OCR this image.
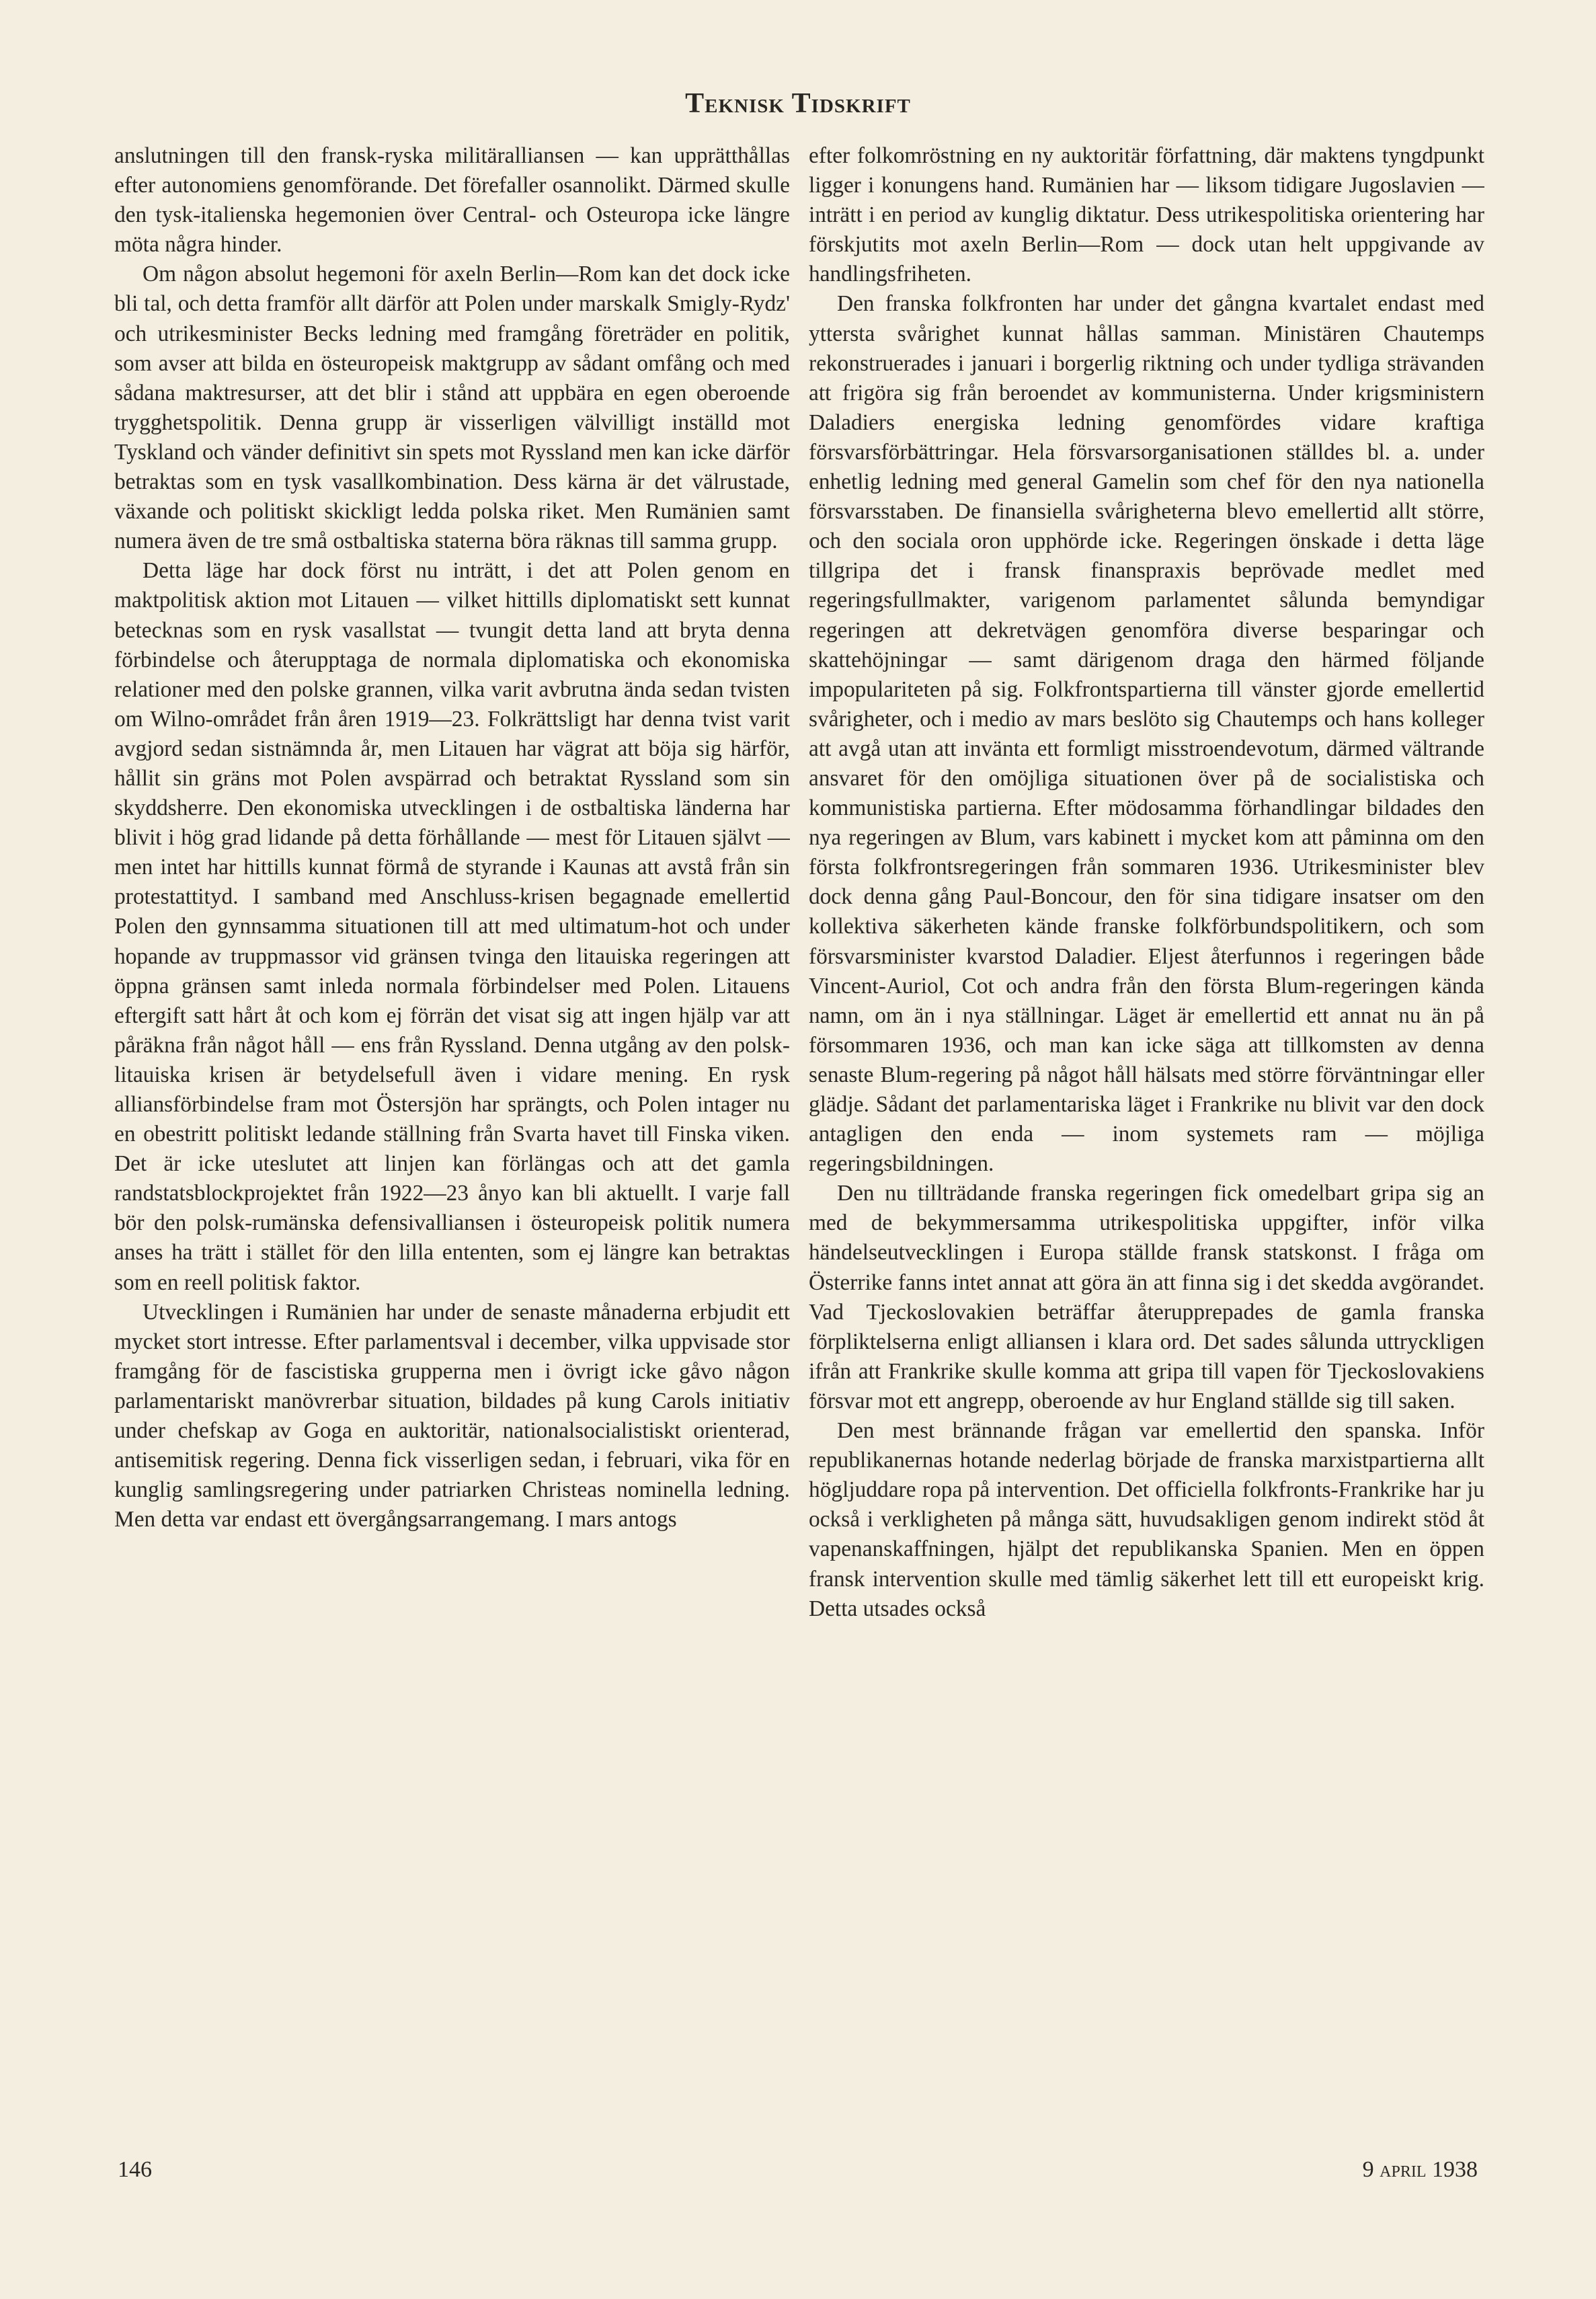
Teknisk Tidskrift

anslutningen till den fransk-ryska militäralliansen — kan upprätthållas efter autonomiens genomförande. Det förefaller osannolikt. Därmed skulle den tysk-italienska hegemonien över Central- och Osteuropa icke längre möta några hinder.

Om någon absolut hegemoni för axeln Berlin—Rom kan det dock icke bli tal, och detta framför allt därför att Polen under marskalk Smigly-Rydz' och utrikesminister Becks ledning med framgång företräder en politik, som avser att bilda en östeuropeisk maktgrupp av sådant omfång och med sådana maktresurser, att det blir i stånd att uppbära en egen oberoende trygghetspolitik. Denna grupp är visserligen välvilligt inställd mot Tyskland och vänder definitivt sin spets mot Ryssland men kan icke därför betraktas som en tysk vasallkombination. Dess kärna är det välrustade, växande och politiskt skickligt ledda polska riket. Men Rumänien samt numera även de tre små ostbaltiska staterna böra räknas till samma grupp.

Detta läge har dock först nu inträtt, i det att Polen genom en maktpolitisk aktion mot Litauen — vilket hittills diplomatiskt sett kunnat betecknas som en rysk vasallstat — tvungit detta land att bryta denna förbindelse och återupptaga de normala diplomatiska och ekonomiska relationer med den polske grannen, vilka varit avbrutna ända sedan tvisten om Wilno-området från åren 1919—23. Folkrättsligt har denna tvist varit avgjord sedan sistnämnda år, men Litauen har vägrat att böja sig härför, hållit sin gräns mot Polen avspärrad och betraktat Ryssland som sin skyddsherre. Den ekonomiska utvecklingen i de ostbaltiska länderna har blivit i hög grad lidande på detta förhållande — mest för Litauen självt — men intet har hittills kunnat förmå de styrande i Kaunas att avstå från sin protestattityd. I samband med Anschluss-krisen begagnade emellertid Polen den gynnsamma situationen till att med ultimatum-hot och under hopande av truppmassor vid gränsen tvinga den litauiska regeringen att öppna gränsen samt inleda normala förbindelser med Polen. Litauens eftergift satt hårt åt och kom ej förrän det visat sig att ingen hjälp var att påräkna från något håll — ens från Ryssland. Denna utgång av den polsk-litauiska krisen är betydelsefull även i vidare mening. En rysk alliansförbindelse fram mot Östersjön har sprängts, och Polen intager nu en obestritt politiskt ledande ställning från Svarta havet till Finska viken. Det är icke uteslutet att linjen kan förlängas och att det gamla randstatsblockprojektet från 1922—23 ånyo kan bli aktuellt. I varje fall bör den polsk-rumänska defensivalliansen i östeuropeisk politik numera anses ha trätt i stället för den lilla ententen, som ej längre kan betraktas som en reell politisk faktor.

Utvecklingen i Rumänien har under de senaste månaderna erbjudit ett mycket stort intresse. Efter parlamentsval i december, vilka uppvisade stor framgång för de fascistiska grupperna men i övrigt icke gåvo någon parlamentariskt manövrerbar situation, bildades på kung Carols initiativ under chefskap av Goga en auktoritär, nationalsocialistiskt orienterad, antisemitisk regering. Denna fick visserligen sedan, i februari, vika för en kunglig samlingsregering under patriarken Christeas nominella ledning. Men detta var endast ett övergångsarrangemang. I mars antogs

efter folkomröstning en ny auktoritär författning, där maktens tyngdpunkt ligger i konungens hand. Rumänien har — liksom tidigare Jugoslavien — inträtt i en period av kunglig diktatur. Dess utrikespolitiska orientering har förskjutits mot axeln Berlin—Rom — dock utan helt uppgivande av handlingsfriheten.

Den franska folkfronten har under det gångna kvartalet endast med yttersta svårighet kunnat hållas samman. Ministären Chautemps rekonstruerades i januari i borgerlig riktning och under tydliga strävanden att frigöra sig från beroendet av kommunisterna. Under krigsministern Daladiers energiska ledning genomfördes vidare kraftiga försvarsförbättringar. Hela försvarsorganisationen ställdes bl. a. under enhetlig ledning med general Gamelin som chef för den nya nationella försvarsstaben. De finansiella svårigheterna blevo emellertid allt större, och den sociala oron upphörde icke. Regeringen önskade i detta läge tillgripa det i fransk finanspraxis beprövade medlet med regeringsfullmakter, varigenom parlamentet sålunda bemyndigar regeringen att dekretvägen genomföra diverse besparingar och skattehöjningar — samt därigenom draga den härmed följande impopulariteten på sig. Folkfrontspartierna till vänster gjorde emellertid svårigheter, och i medio av mars beslöto sig Chautemps och hans kolleger att avgå utan att invänta ett formligt misstroendevotum, därmed vältrande ansvaret för den omöjliga situationen över på de socialistiska och kommunistiska partierna. Efter mödosamma förhandlingar bildades den nya regeringen av Blum, vars kabinett i mycket kom att påminna om den första folkfrontsregeringen från sommaren 1936. Utrikesminister blev dock denna gång Paul-Boncour, den för sina tidigare insatser om den kollektiva säkerheten kände franske folkförbundspolitikern, och som försvarsminister kvarstod Daladier. Eljest återfunnos i regeringen både Vincent-Auriol, Cot och andra från den första Blum-regeringen kända namn, om än i nya ställningar. Läget är emellertid ett annat nu än på försommaren 1936, och man kan icke säga att tillkomsten av denna senaste Blum-regering på något håll hälsats med större förväntningar eller glädje. Sådant det parlamentariska läget i Frankrike nu blivit var den dock antagligen den enda — inom systemets ram — möjliga regeringsbildningen.

Den nu tillträdande franska regeringen fick omedelbart gripa sig an med de bekymmersamma utrikespolitiska uppgifter, inför vilka händelseutvecklingen i Europa ställde fransk statskonst. I fråga om Österrike fanns intet annat att göra än att finna sig i det skedda avgörandet. Vad Tjeckoslovakien beträffar återupprepades de gamla franska förpliktelserna enligt alliansen i klara ord. Det sades sålunda uttryckligen ifrån att Frankrike skulle komma att gripa till vapen för Tjeckoslovakiens försvar mot ett angrepp, oberoende av hur England ställde sig till saken.

Den mest brännande frågan var emellertid den spanska. Inför republikanernas hotande nederlag började de franska marxistpartierna allt högljuddare ropa på intervention. Det officiella folkfronts-Frankrike har ju också i verkligheten på många sätt, huvudsakligen genom indirekt stöd åt vapenanskaffningen, hjälpt det republikanska Spanien. Men en öppen fransk intervention skulle med tämlig säkerhet lett till ett europeiskt krig. Detta utsades också

146	9 april 1938
